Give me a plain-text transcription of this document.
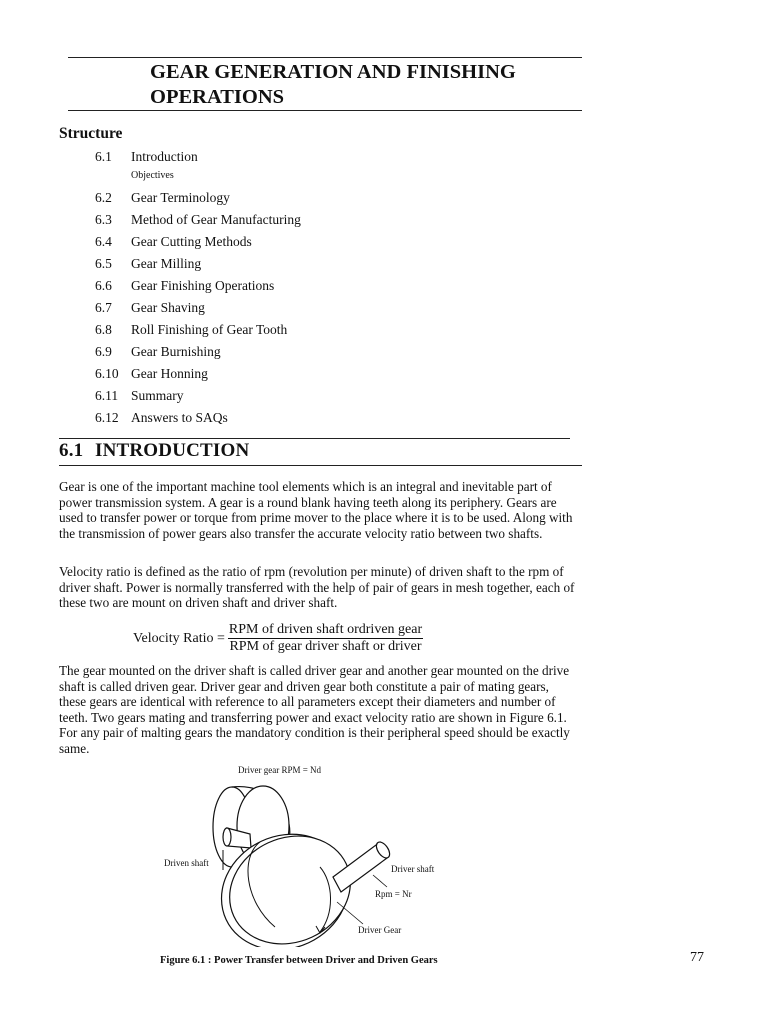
GEAR GENERATION AND FINISHING OPERATIONS
Structure
6.1 Introduction
Objectives
6.2 Gear Terminology
6.3 Method of Gear Manufacturing
6.4 Gear Cutting Methods
6.5 Gear Milling
6.6 Gear Finishing Operations
6.7 Gear Shaving
6.8 Roll Finishing of Gear Tooth
6.9 Gear Burnishing
6.10 Gear Honning
6.11 Summary
6.12 Answers to SAQs
6.1 INTRODUCTION

Gear is one of the important machine tool elements which is an integral and inevitable part of power transmission system. A gear is a round blank having teeth along its periphery. Gears are used to transfer power or torque from prime mover to the place where it is to be used. Along with the transmission of power gears also transfer the accurate velocity ratio between two shafts.

Velocity ratio is defined as the ratio of rpm (revolution per minute) of driven shaft to the rpm of driver shaft. Power is normally transferred with the help of pair of gears in mesh together, each of these two are mount on driven shaft and driver shaft.

Velocity Ratio = $\frac{\text{RPM of driven shaft ordriven gear}}{\text{RPM of gear driver shaft or driver}}$

The gear mounted on the driver shaft is called driver gear and another gear mounted on the drive shaft is called driven gear. Driver gear and driven gear both constitute a pair of mating gears, these gears are identical with reference to all parameters except their diameters and number of teeth. Two gears mating and transferring power and exact velocity ratio are shown in Figure 6.1. For any pair of malting gears the mandatory condition is their peripheral speed should be exactly same.

Driver gear RPM = Nd
Driven shaft
Driver shaft
Rpm = Nr
Driver Gear
Figure 6.1 : Power Transfer between Driver and Driven Gears	77
